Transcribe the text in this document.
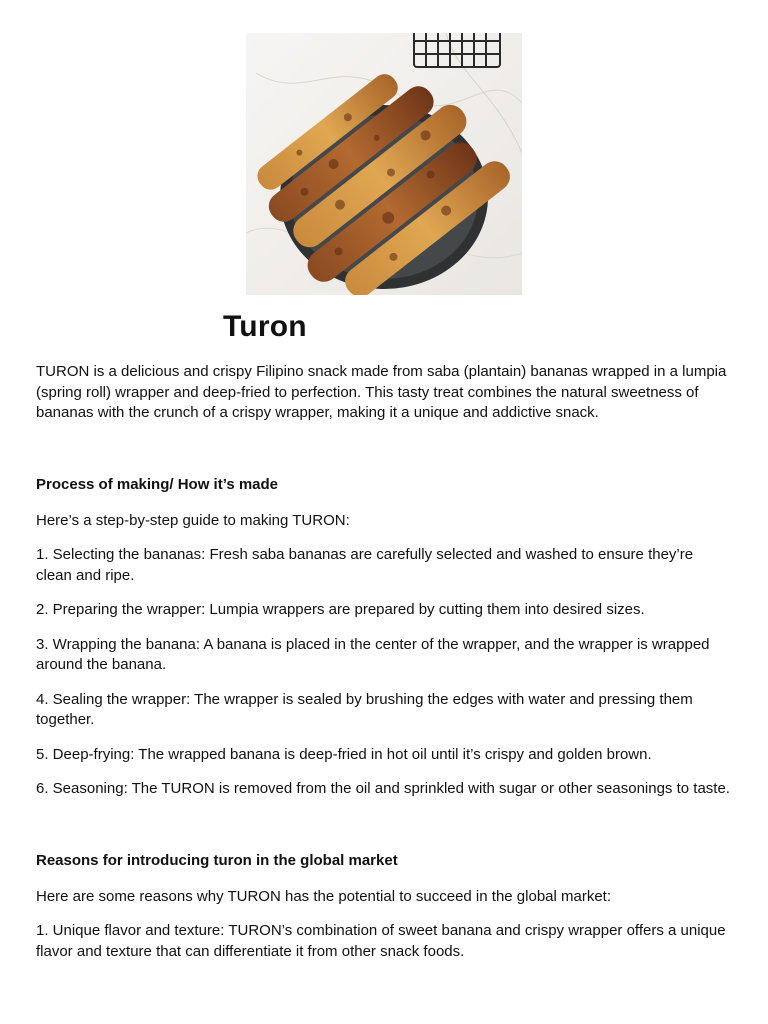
Turon

TURON is a delicious and crispy Filipino snack made from saba (plantain) bananas wrapped in a lumpia (spring roll) wrapper and deep-fried to perfection. This tasty treat combines the natural sweetness of bananas with the crunch of a crispy wrapper, making it a unique and addictive snack.

Process of making/ How it’s made

Here’s a step-by-step guide to making TURON:

1. Selecting the bananas: Fresh saba bananas are carefully selected and washed to ensure they’re clean and ripe.

2. Preparing the wrapper: Lumpia wrappers are prepared by cutting them into desired sizes.

3. Wrapping the banana: A banana is placed in the center of the wrapper, and the wrapper is wrapped around the banana.

4. Sealing the wrapper: The wrapper is sealed by brushing the edges with water and pressing them together.

5. Deep-frying: The wrapped banana is deep-fried in hot oil until it’s crispy and golden brown.

6. Seasoning: The TURON is removed from the oil and sprinkled with sugar or other seasonings to taste.

Reasons for introducing turon in the global market

Here are some reasons why TURON has the potential to succeed in the global market:

1. Unique flavor and texture: TURON’s combination of sweet banana and crispy wrapper offers a unique flavor and texture that can differentiate it from other snack foods.
